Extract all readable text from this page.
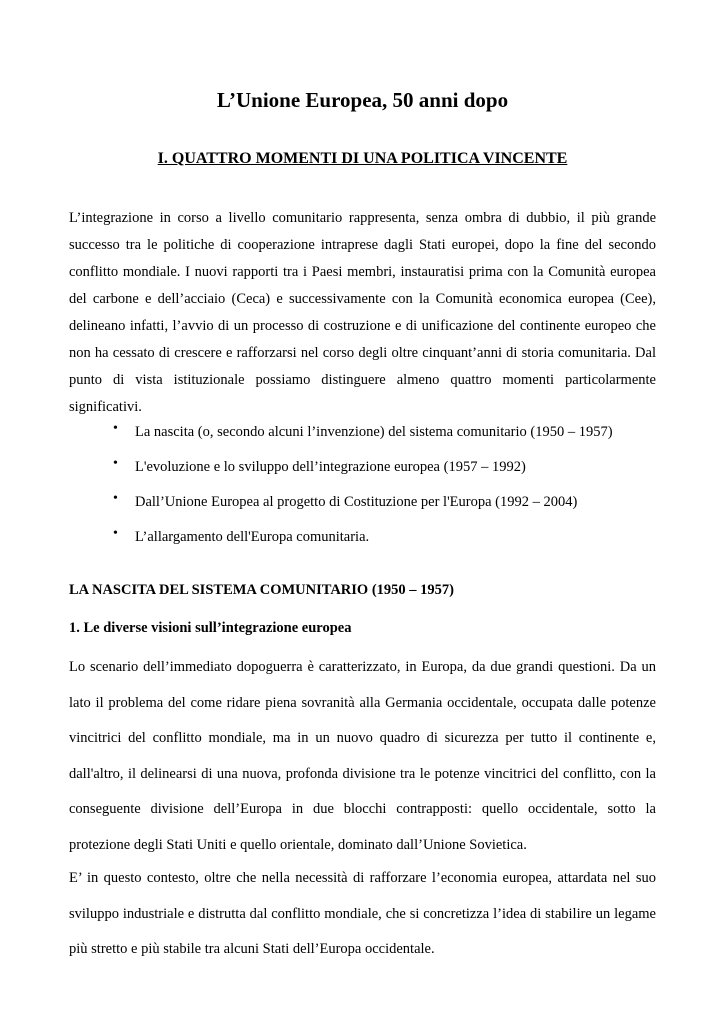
L’Unione Europea, 50 anni dopo
I. QUATTRO MOMENTI DI UNA POLITICA VINCENTE

L’integrazione in corso a livello comunitario rappresenta, senza ombra di dubbio, il più grande successo tra le politiche di cooperazione intraprese dagli Stati europei, dopo la fine del secondo conflitto mondiale. I nuovi rapporti tra i Paesi membri, instauratisi prima con la Comunità europea del carbone e dell’acciaio (Ceca) e successivamente con la Comunità economica europea (Cee), delineano infatti, l’avvio di un processo di costruzione e di unificazione del continente europeo che non ha cessato di crescere e rafforzarsi nel corso degli oltre cinquant’anni di storia comunitaria. Dal punto di vista istituzionale possiamo distinguere almeno quattro momenti particolarmente significativi.

• La nascita (o, secondo alcuni l’invenzione) del sistema comunitario (1950 – 1957)
• L'evoluzione e lo sviluppo dell’integrazione europea (1957 – 1992)
• Dall’Unione Europea al progetto di Costituzione per l'Europa (1992 – 2004)
• L’allargamento dell'Europa comunitaria.
LA NASCITA DEL SISTEMA COMUNITARIO (1950 – 1957)
1. Le diverse visioni sull’integrazione europea

Lo scenario dell’immediato dopoguerra è caratterizzato, in Europa, da due grandi questioni. Da un lato il problema del come ridare piena sovranità alla Germania occidentale, occupata dalle potenze vincitrici del conflitto mondiale, ma in un nuovo quadro di sicurezza per tutto il continente e, dall'altro, il delinearsi di una nuova, profonda divisione tra le potenze vincitrici del conflitto, con la conseguente divisione dell’Europa in due blocchi contrapposti: quello occidentale, sotto la protezione degli Stati Uniti e quello orientale, dominato dall’Unione Sovietica.

E’ in questo contesto, oltre che nella necessità di rafforzare l’economia europea, attardata nel suo sviluppo industriale e distrutta dal conflitto mondiale, che si concretizza l’idea di stabilire un legame più stretto e più stabile tra alcuni Stati dell’Europa occidentale.
